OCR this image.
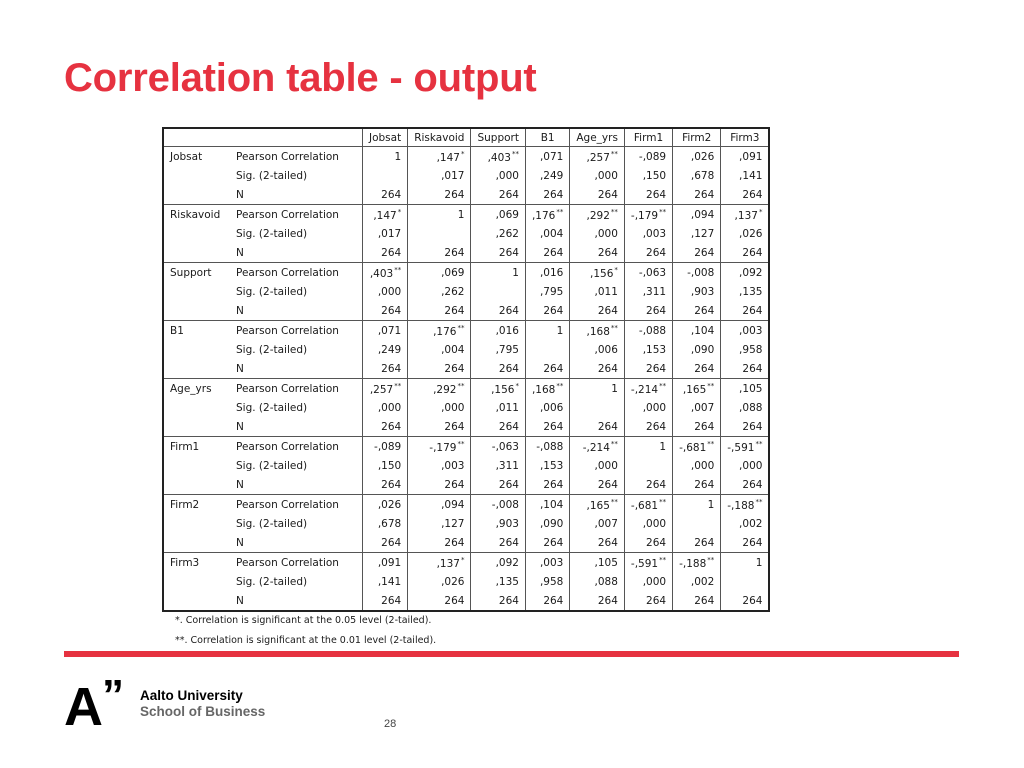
Correlation table - output
		Jobsat	Riskavoid	Support	B1	Age_yrs	Firm1	Firm2	Firm3
Jobsat	Pearson Correlation	1	,147*	,403**	,071	,257**	-,089	,026	,091
	Sig. (2-tailed)		,017	,000	,249	,000	,150	,678	,141
	N	264	264	264	264	264	264	264	264
Riskavoid	Pearson Correlation	,147*	1	,069	,176**	,292**	-,179**	,094	,137*
	Sig. (2-tailed)	,017		,262	,004	,000	,003	,127	,026
	N	264	264	264	264	264	264	264	264
Support	Pearson Correlation	,403**	,069	1	,016	,156*	-,063	-,008	,092
	Sig. (2-tailed)	,000	,262		,795	,011	,311	,903	,135
	N	264	264	264	264	264	264	264	264
B1	Pearson Correlation	,071	,176**	,016	1	,168**	-,088	,104	,003
	Sig. (2-tailed)	,249	,004	,795		,006	,153	,090	,958
	N	264	264	264	264	264	264	264	264
Age_yrs	Pearson Correlation	,257**	,292**	,156*	,168**	1	-,214**	,165**	,105
	Sig. (2-tailed)	,000	,000	,011	,006		,000	,007	,088
	N	264	264	264	264	264	264	264	264
Firm1	Pearson Correlation	-,089	-,179**	-,063	-,088	-,214**	1	-,681**	-,591**
	Sig. (2-tailed)	,150	,003	,311	,153	,000		,000	,000
	N	264	264	264	264	264	264	264	264
Firm2	Pearson Correlation	,026	,094	-,008	,104	,165**	-,681**	1	-,188**
	Sig. (2-tailed)	,678	,127	,903	,090	,007	,000		,002
	N	264	264	264	264	264	264	264	264
Firm3	Pearson Correlation	,091	,137*	,092	,003	,105	-,591**	-,188**	1
	Sig. (2-tailed)	,141	,026	,135	,958	,088	,000	,002	
	N	264	264	264	264	264	264	264	264
*. Correlation is significant at the 0.05 level (2-tailed).
**. Correlation is significant at the 0.01 level (2-tailed).
A ” Aalto University
School of Business
28
